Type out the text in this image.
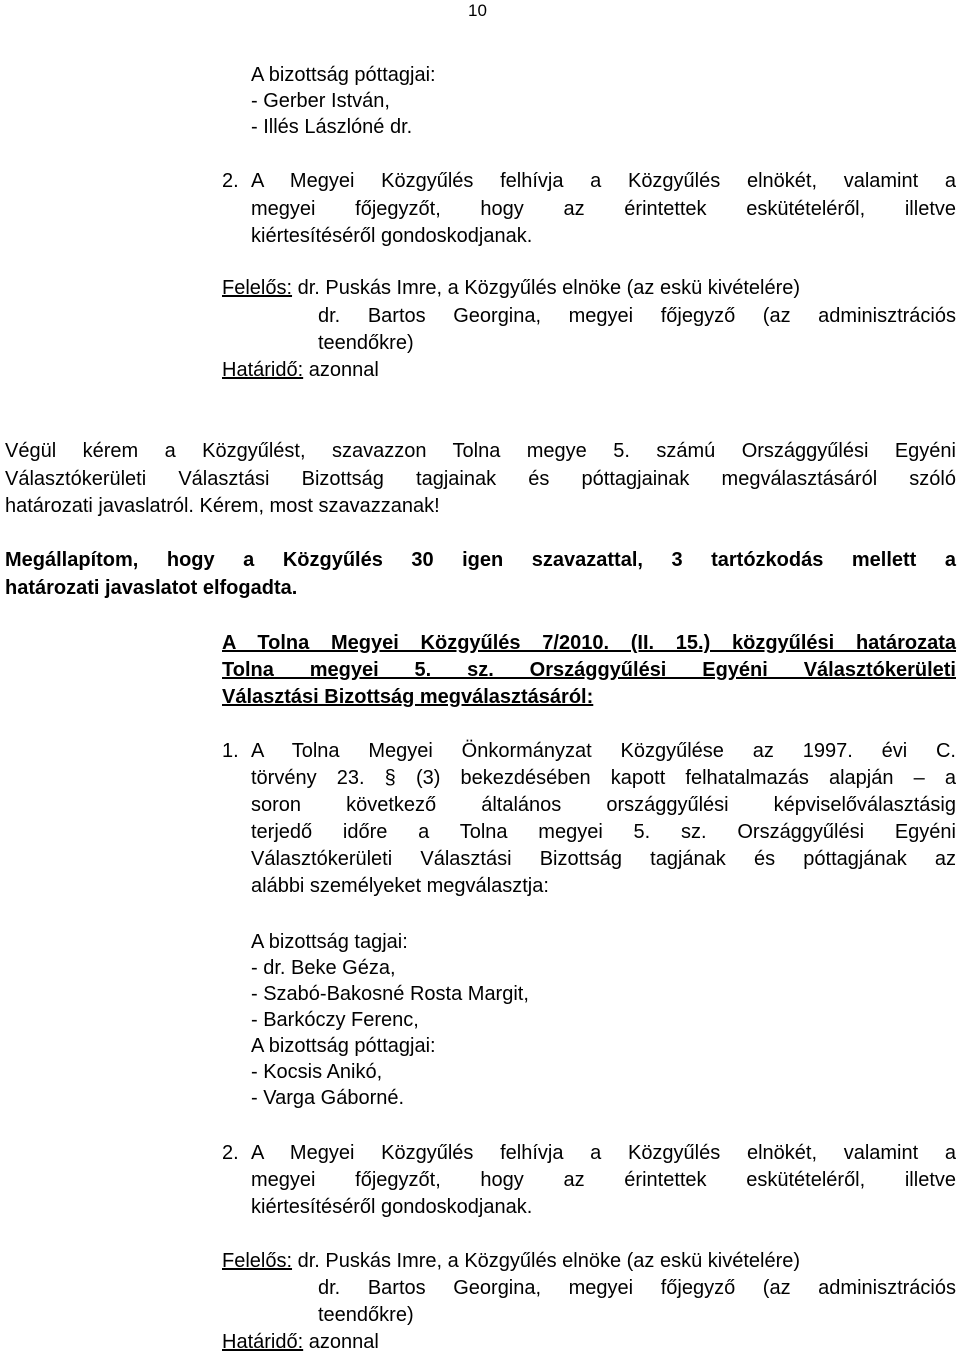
10
A bizottság póttagjai:
- Gerber István,
- Illés Lászlóné dr.
2. A Megyei Közgyűlés felhívja a Közgyűlés elnökét, valamint a
megyei főjegyzőt, hogy az érintettek eskütételéről, illetve
kiértesítéséről gondoskodjanak.
Felelős: dr. Puskás Imre, a Közgyűlés elnöke (az eskü kivételére)
dr. Bartos Georgina, megyei főjegyző (az adminisztrációs
teendőkre)
Határidő: azonnal
Végül kérem a Közgyűlést, szavazzon Tolna megye 5. számú Országgyűlési Egyéni
Választókerületi Választási Bizottság tagjainak és póttagjainak megválasztásáról szóló
határozati javaslatról. Kérem, most szavazzanak!
Megállapítom, hogy a Közgyűlés 30 igen szavazattal, 3 tartózkodás mellett a
határozati javaslatot elfogadta.
A Tolna Megyei Közgyűlés 7/2010. (II. 15.) közgyűlési határozata
Tolna megyei 5. sz. Országgyűlési Egyéni Választókerületi
Választási Bizottság megválasztásáról:
1. A Tolna Megyei Önkormányzat Közgyűlése az 1997. évi C.
törvény 23. § (3) bekezdésében kapott felhatalmazás alapján – a
soron következő általános országgyűlési képviselőválasztásig
terjedő időre a Tolna megyei 5. sz. Országgyűlési Egyéni
Választókerületi Választási Bizottság tagjának és póttagjának az
alábbi személyeket megválasztja:
A bizottság tagjai:
- dr. Beke Géza,
- Szabó-Bakosné Rosta Margit,
- Barkóczy Ferenc,
A bizottság póttagjai:
- Kocsis Anikó,
- Varga Gáborné.
2. A Megyei Közgyűlés felhívja a Közgyűlés elnökét, valamint a
megyei főjegyzőt, hogy az érintettek eskütételéről, illetve
kiértesítéséről gondoskodjanak.
Felelős: dr. Puskás Imre, a Közgyűlés elnöke (az eskü kivételére)
dr. Bartos Georgina, megyei főjegyző (az adminisztrációs
teendőkre)
Határidő: azonnal
